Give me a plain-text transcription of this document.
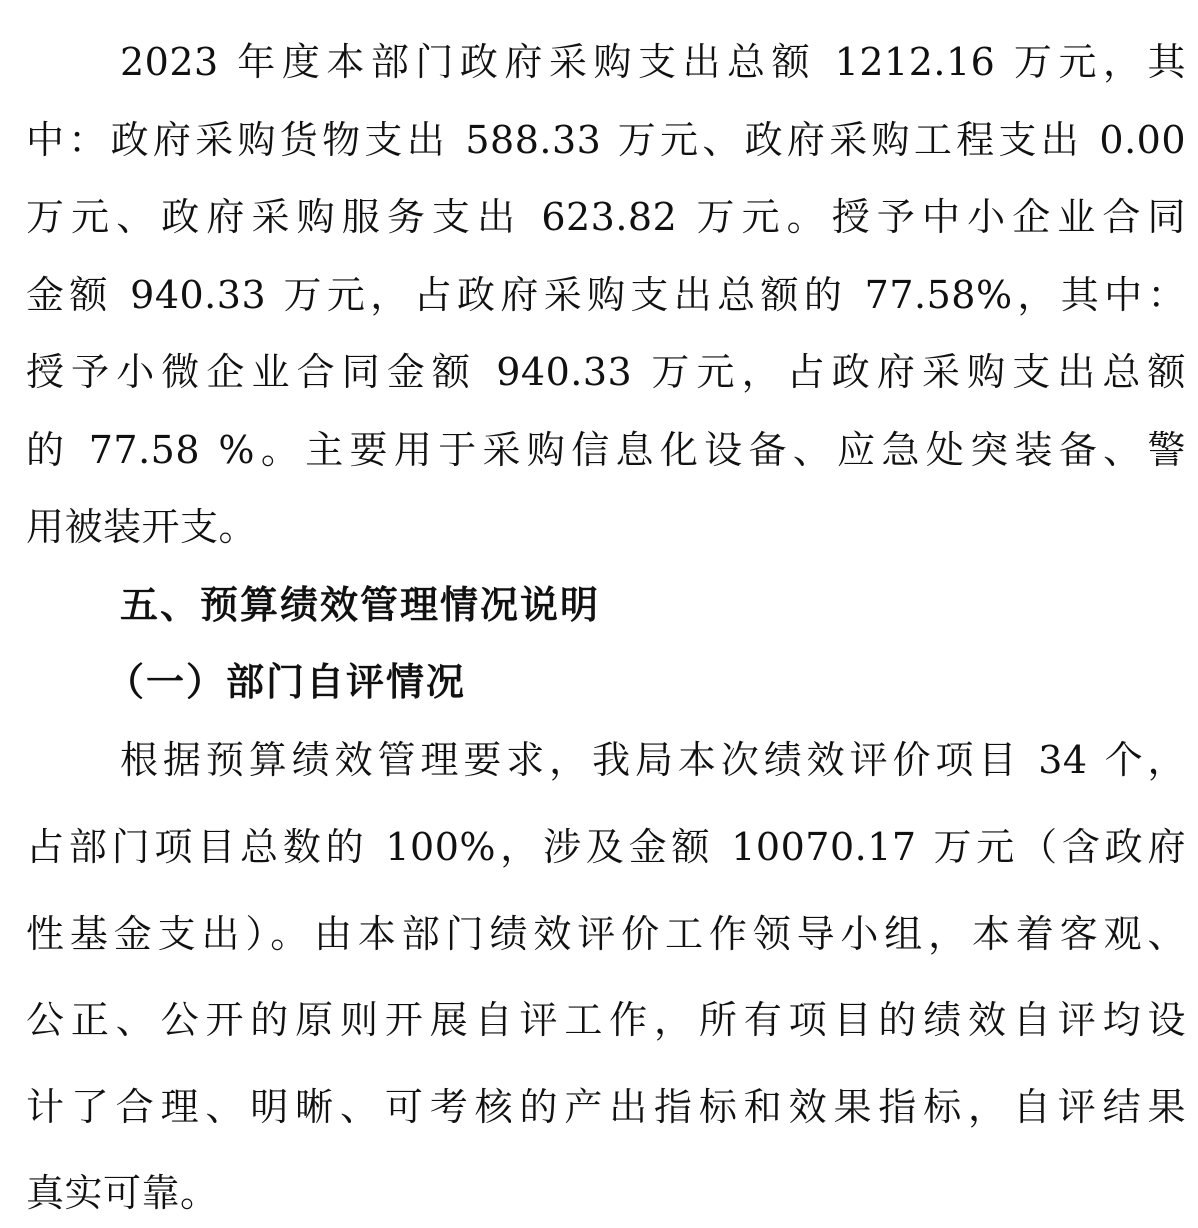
2023 年度本部门政府采购支出总额 1212.16 万元，其
中：政府采购货物支出 588.33 万元、政府采购工程支出 0.00
万元、政府采购服务支出 623.82 万元。授予中小企业合同
金额 940.33 万元，占政府采购支出总额的 77.58%，其中：
授予小微企业合同金额 940.33 万元，占政府采购支出总额
的 77.58 %。主要用于采购信息化设备、应急处突装备、警
用被装开支。
五、预算绩效管理情况说明
（一）部门自评情况
根据预算绩效管理要求，我局本次绩效评价项目 34 个，
占部门项目总数的 100%，涉及金额 10070.17 万元（含政府
性基金支出）。由本部门绩效评价工作领导小组，本着客观、
公正、公开的原则开展自评工作，所有项目的绩效自评均设
计了合理、明晰、可考核的产出指标和效果指标，自评结果
真实可靠。
